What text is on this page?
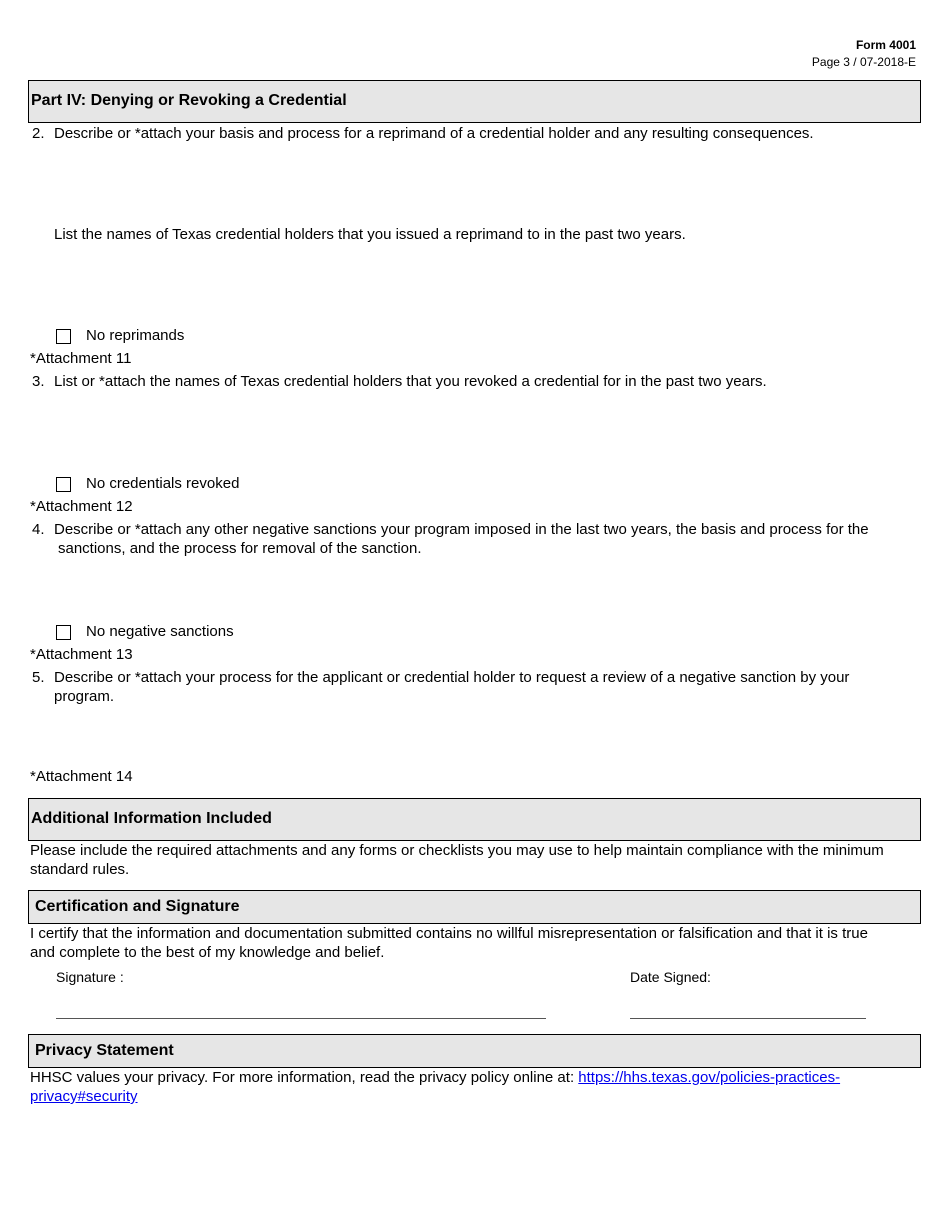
Form 4001
Page 3 / 07-2018-E
Part IV: Denying or Revoking a Credential
2. Describe or *attach your basis and process for a reprimand of a credential holder and any resulting consequences.
List the names of Texas credential holders that you issued a reprimand to in the past two years.
No reprimands
*Attachment 11
3. List or *attach the names of Texas credential holders that you revoked a credential for in the past two years.
No credentials revoked
*Attachment 12
4. Describe or *attach any other negative sanctions your program imposed in the last two years, the basis and process for the
sanctions, and the process for removal of the sanction.
No negative sanctions
*Attachment 13
5. Describe or *attach your process for the applicant or credential holder to request a review of a negative sanction by your
program.
*Attachment 14
Additional Information Included
Please include the required attachments and any forms or checklists you may use to help maintain compliance with the minimum
standard rules.
Certification and Signature
I certify that the information and documentation submitted contains no willful misrepresentation or falsification and that it is true
and complete to the best of my knowledge and belief.
Signature :	Date Signed:
Privacy Statement
HHSC values your privacy. For more information, read the privacy policy online at: https://hhs.texas.gov/policies-practices-
privacy#security
